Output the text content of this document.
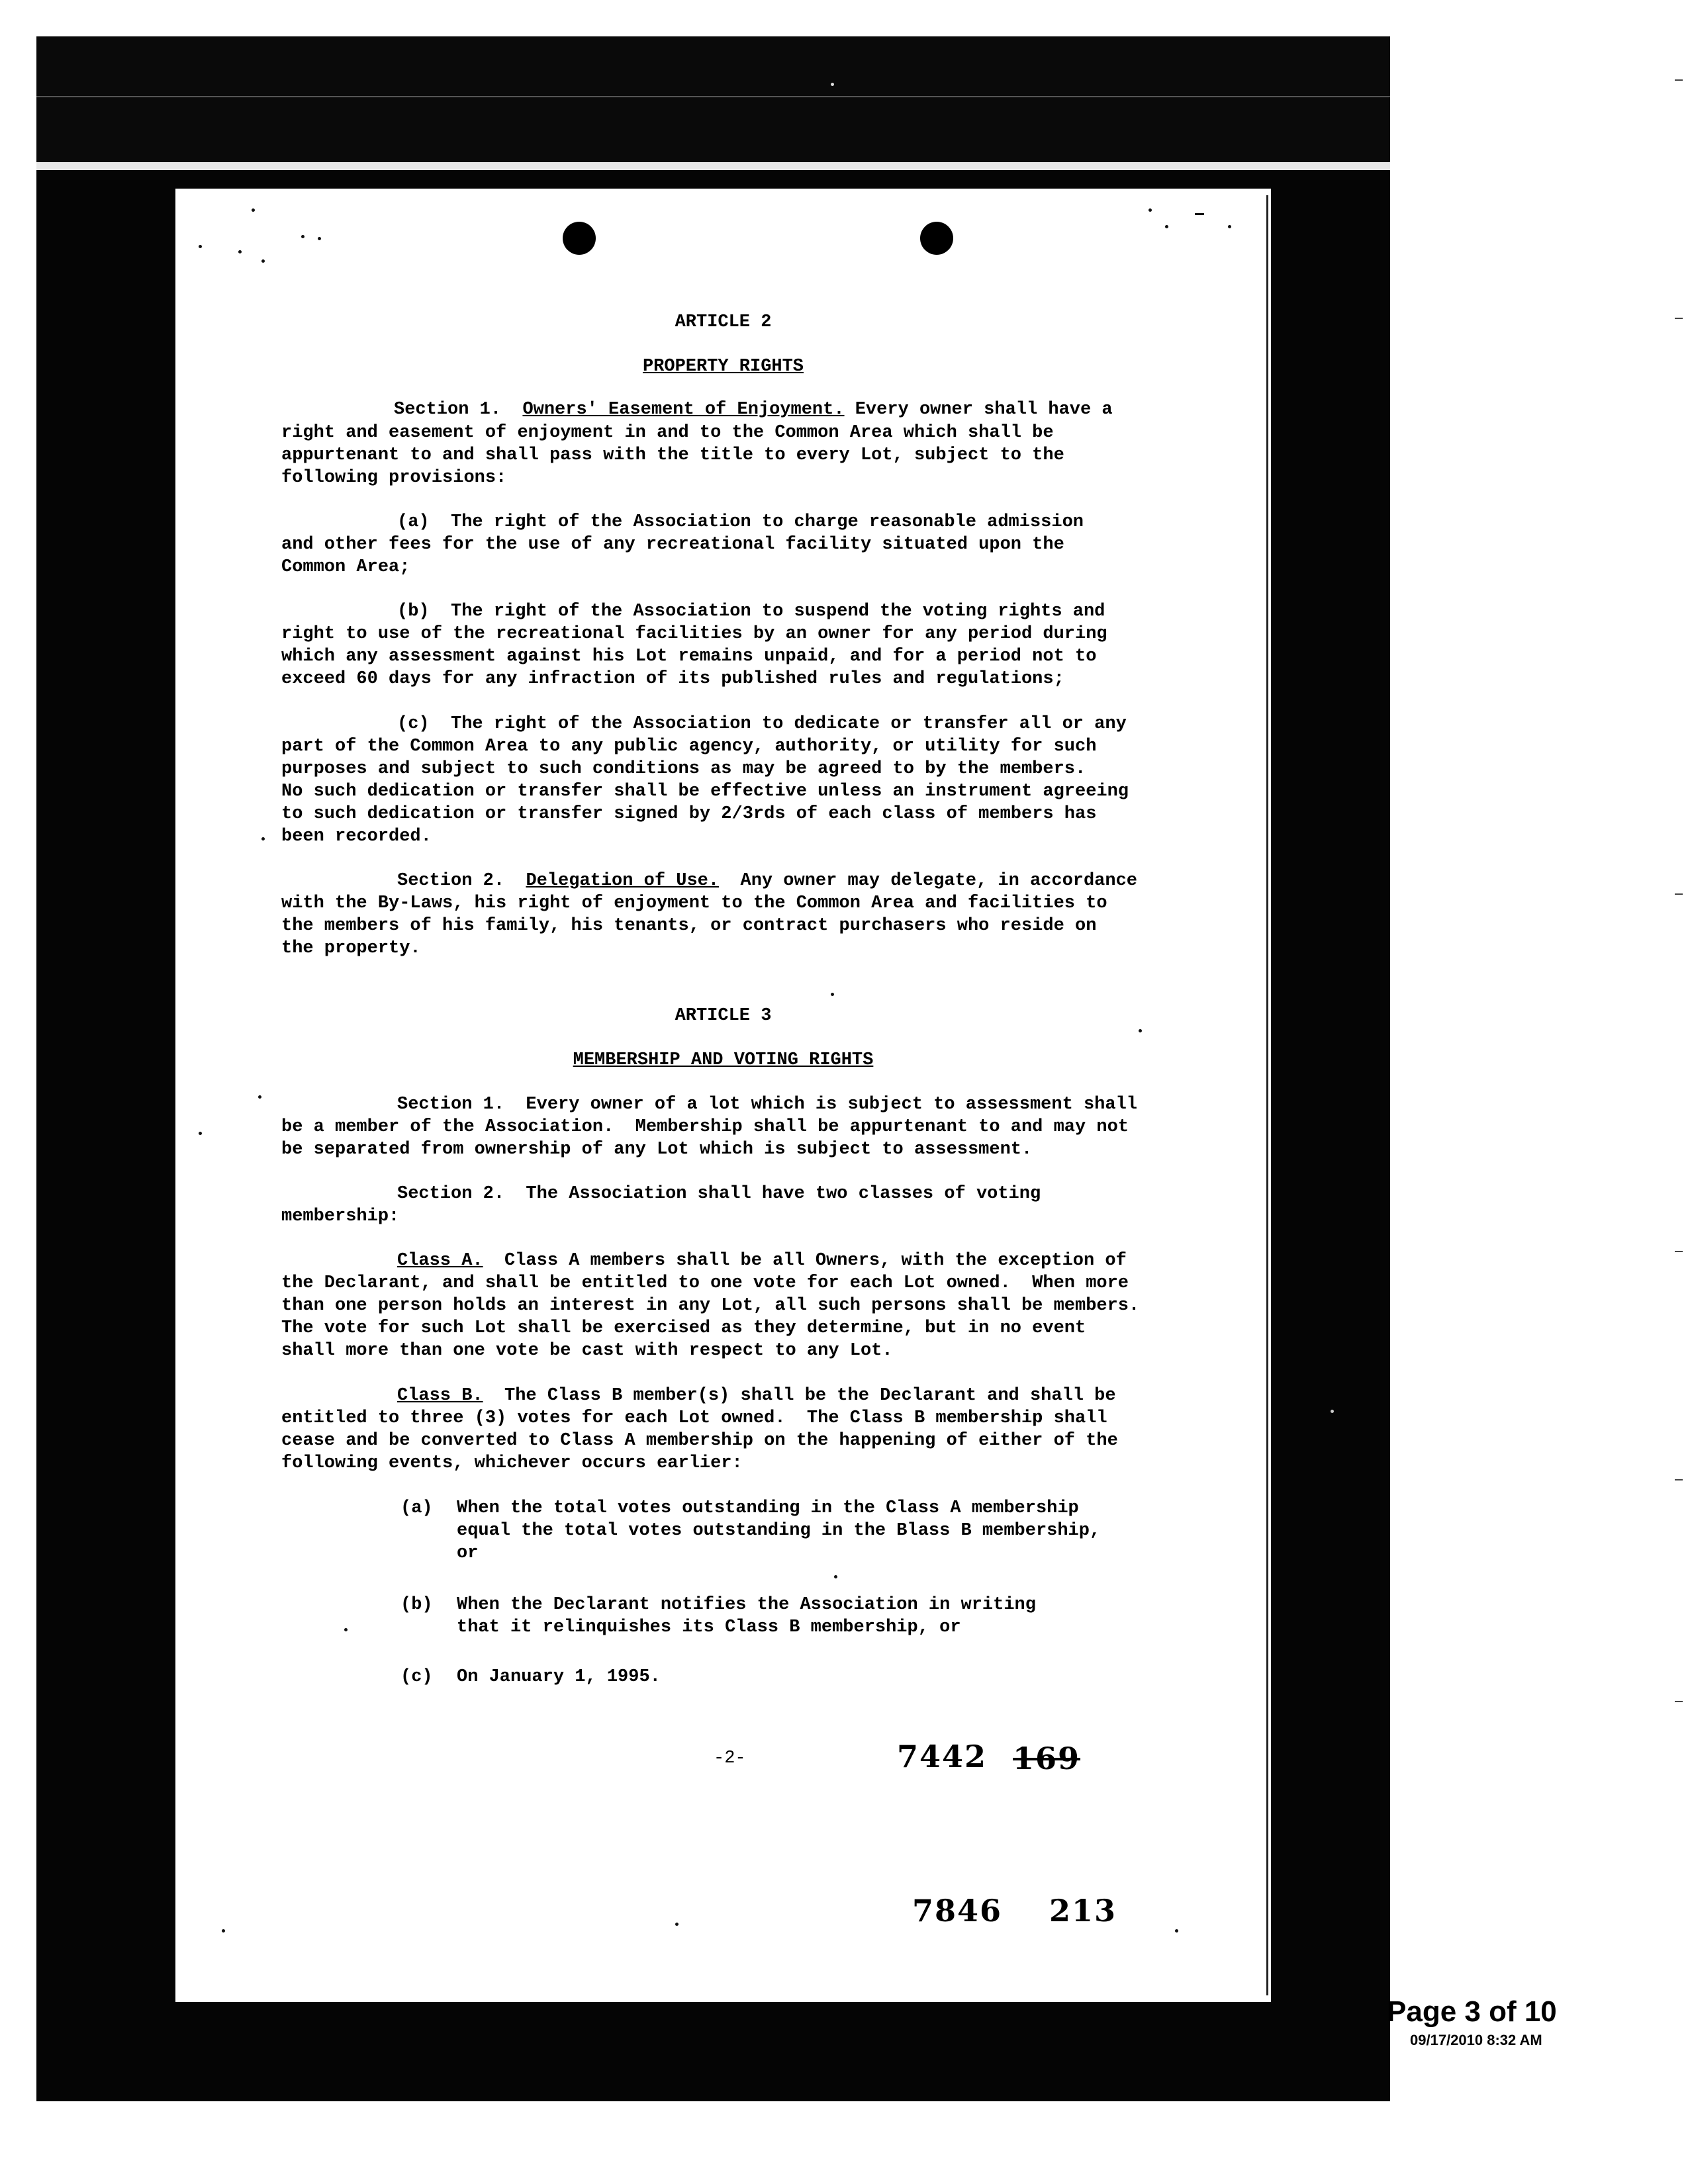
ARTICLE 2
PROPERTY RIGHTS
Section 1.  Owners' Easement of Enjoyment. Every owner shall have a
right and easement of enjoyment in and to the Common Area which shall be
appurtenant to and shall pass with the title to every Lot, subject to the
following provisions:
(a)  The right of the Association to charge reasonable admission
and other fees for the use of any recreational facility situated upon the
Common Area;
(b)  The right of the Association to suspend the voting rights and
right to use of the recreational facilities by an owner for any period during
which any assessment against his Lot remains unpaid, and for a period not to
exceed 60 days for any infraction of its published rules and regulations;
(c)  The right of the Association to dedicate or transfer all or any
part of the Common Area to any public agency, authority, or utility for such
purposes and subject to such conditions as may be agreed to by the members.
No such dedication or transfer shall be effective unless an instrument agreeing
to such dedication or transfer signed by 2/3rds of each class of members has
been recorded.
Section 2.  Delegation of Use.  Any owner may delegate, in accordance
with the By-Laws, his right of enjoyment to the Common Area and facilities to
the members of his family, his tenants, or contract purchasers who reside on
the property.
ARTICLE 3
MEMBERSHIP AND VOTING RIGHTS
Section 1.  Every owner of a lot which is subject to assessment shall
be a member of the Association.  Membership shall be appurtenant to and may not
be separated from ownership of any Lot which is subject to assessment.
Section 2.  The Association shall have two classes of voting
membership:
Class A.  Class A members shall be all Owners, with the exception of
the Declarant, and shall be entitled to one vote for each Lot owned.  When more
than one person holds an interest in any Lot, all such persons shall be members.
The vote for such Lot shall be exercised as they determine, but in no event
shall more than one vote be cast with respect to any Lot.
Class B.  The Class B member(s) shall be the Declarant and shall be
entitled to three (3) votes for each Lot owned.  The Class B membership shall
cease and be converted to Class A membership on the happening of either of the
following events, whichever occurs earlier:
(a) When the total votes outstanding in the Class A membership
equal the total votes outstanding in the Blass B membership,
or
(b) When the Declarant notifies the Association in writing
that it relinquishes its Class B membership, or
(c) On January 1, 1995.
-2-	7442 169
7846 213
Page 3 of 10
09/17/2010 8:32 AM
